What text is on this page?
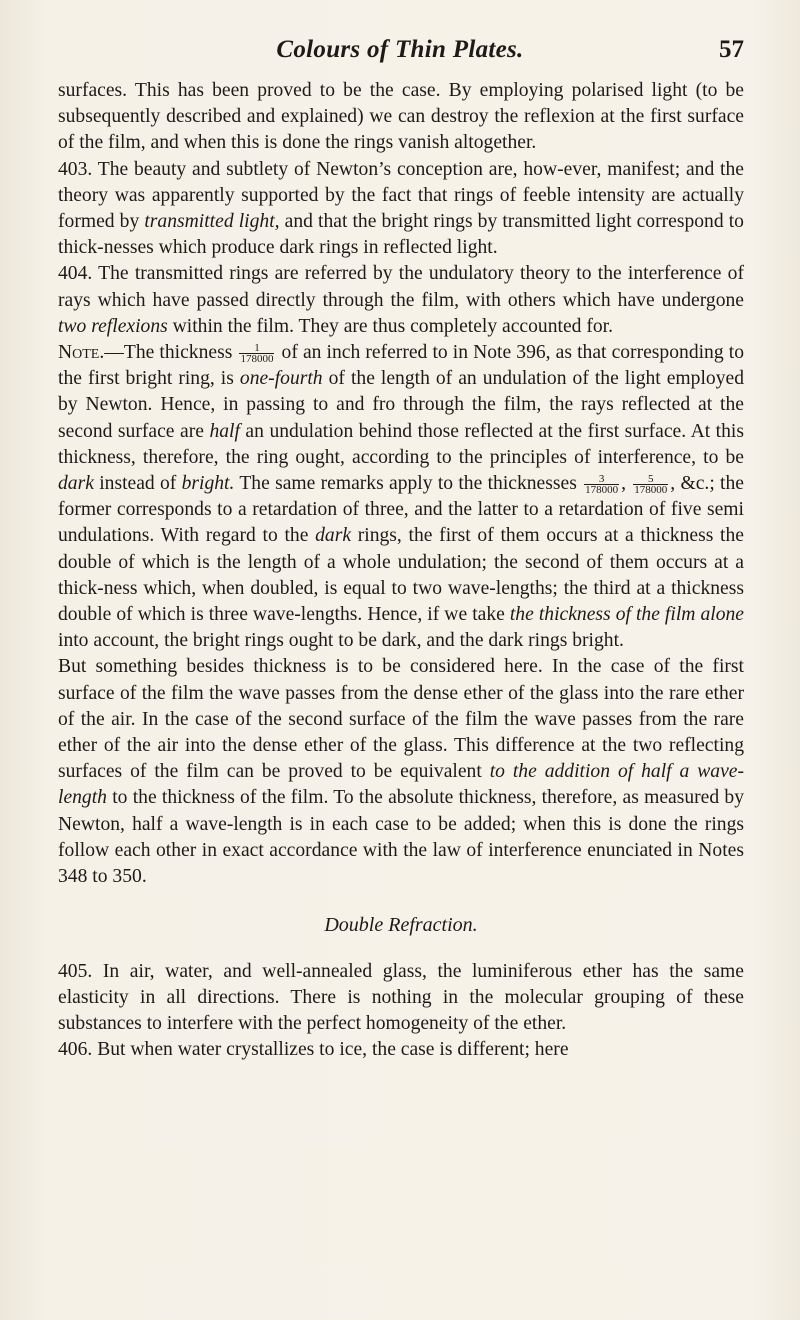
Colours of Thin Plates.	57

surfaces. This has been proved to be the case. By employing polarised light (to be subsequently described and explained) we can destroy the reflexion at the first surface of the film, and when this is done the rings vanish altogether.

403. The beauty and subtlety of Newton’s conception are, how-ever, manifest; and the theory was apparently supported by the fact that rings of feeble intensity are actually formed by transmitted light, and that the bright rings by transmitted light correspond to thick-nesses which produce dark rings in reflected light.

404. The transmitted rings are referred by the undulatory theory to the interference of rays which have passed directly through the film, with others which have undergone two reflexions within the film. They are thus completely accounted for.

Note.—The thickness $\frac{1}{178000}$ of an inch referred to in Note 396, as that corresponding to the first bright ring, is one-fourth of the length of an undulation of the light employed by Newton. Hence, in passing to and fro through the film, the rays reflected at the second surface are half an undulation behind those reflected at the first surface. At this thickness, therefore, the ring ought, according to the principles of interference, to be dark instead of bright. The same remarks apply to the thicknesses $\frac{3}{178000}$ , $\frac{5}{178000}$ , &c.; the former corresponds to a retardation of three, and the latter to a retardation of five semi undulations. With regard to the dark rings, the first of them occurs at a thickness the double of which is the length of a whole undulation; the second of them occurs at a thick-ness which, when doubled, is equal to two wave-lengths; the third at a thickness double of which is three wave-lengths. Hence, if we take the thickness of the film alone into account, the bright rings ought to be dark, and the dark rings bright.

But something besides thickness is to be considered here. In the case of the first surface of the film the wave passes from the dense ether of the glass into the rare ether of the air. In the case of the second surface of the film the wave passes from the rare ether of the air into the dense ether of the glass. This difference at the two reflecting surfaces of the film can be proved to be equivalent to the addition of half a wave-length to the thickness of the film. To the absolute thickness, therefore, as measured by Newton, half a wave-length is in each case to be added; when this is done the rings follow each other in exact accordance with the law of interference enunciated in Notes 348 to 350.

Double Refraction.

405. In air, water, and well-annealed glass, the luminiferous ether has the same elasticity in all directions. There is nothing in the molecular grouping of these substances to interfere with the perfect homogeneity of the ether.

406. But when water crystallizes to ice, the case is different; here
